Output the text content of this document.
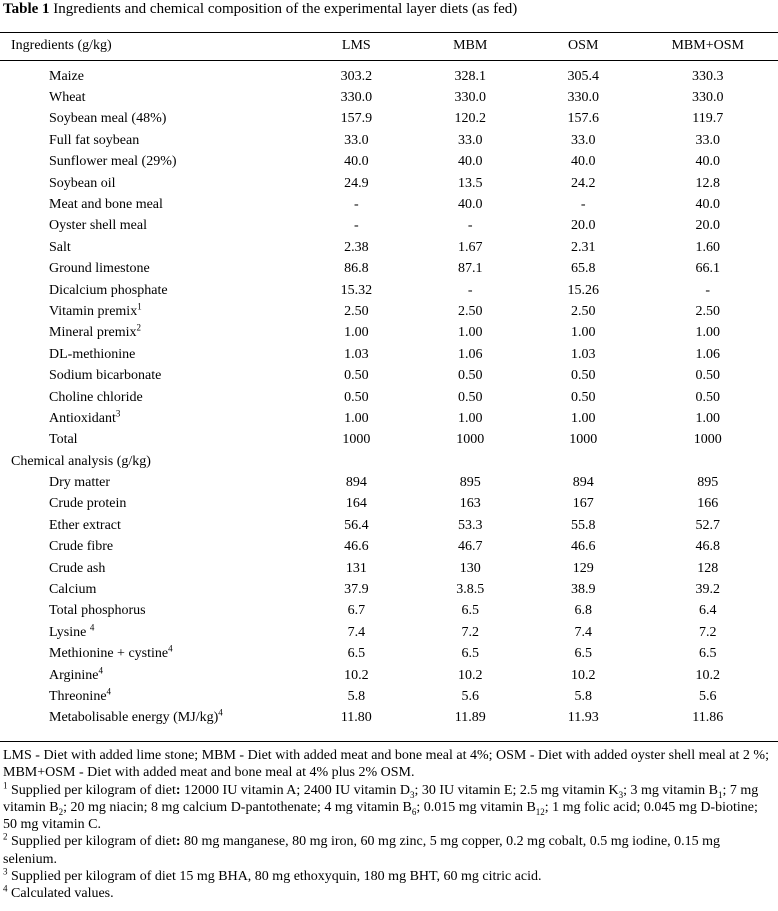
Table 1 Ingredients and chemical composition of the experimental layer diets (as fed)
Ingredients (g/kg)	LMS	MBM	OSM	MBM+OSM

Maize	303.2	328.1	305.4	330.3
Wheat	330.0	330.0	330.0	330.0
Soybean meal (48%)	157.9	120.2	157.6	119.7
Full fat soybean	33.0	33.0	33.0	33.0
Sunflower meal (29%)	40.0	40.0	40.0	40.0
Soybean oil	24.9	13.5	24.2	12.8
Meat and bone meal	-	40.0	-	40.0
Oyster shell meal	-	-	20.0	20.0
Salt	2.38	1.67	2.31	1.60
Ground limestone	86.8	87.1	65.8	66.1
Dicalcium phosphate	15.32	-	15.26	-
Vitamin premix$^1$	2.50	2.50	2.50	2.50
Mineral premix$^2$	1.00	1.00	1.00	1.00
DL-methionine	1.03	1.06	1.03	1.06
Sodium bicarbonate	0.50	0.50	0.50	0.50
Choline chloride	0.50	0.50	0.50	0.50
Antioxidant$^3$	1.00	1.00	1.00	1.00
Total	1000	1000	1000	1000
Chemical analysis (g/kg)				
Dry matter	894	895	894	895
Crude protein	164	163	167	166
Ether extract	56.4	53.3	55.8	52.7
Crude fibre	46.6	46.7	46.6	46.8
Crude ash	131	130	129	128
Calcium	37.9	3.8.5	38.9	39.2
Total phosphorus	6.7	6.5	6.8	6.4
Lysine $^4$	7.4	7.2	7.4	7.2
Methionine + cystine$^4$	6.5	6.5	6.5	6.5
Arginine$^4$	10.2	10.2	10.2	10.2
Threonine$^4$	5.8	5.6	5.8	5.6
Metabolisable energy $(MJ/kg)^4$	11.80	11.89	11.93	11.86

LMS - Diet with added lime stone; MBM - Diet with added meat and bone meal at 4%; OSM - Diet with added oyster shell meal at 2 %; MBM+OSM - Diet with added meat and bone meal at 4% plus 2% OSM.

$^1$ Supplied per kilogram of diet: 12000 IU vitamin A; 2400 IU vitamin $D_3$; 30 IU vitamin E; 2.5 mg vitamin $K_3$; 3 mg vitamin $B_1$; 7 mg vitamin $B_2$; 20 mg niacin; 8 mg calcium D-pantothenate; 4 mg vitamin $B_6$; 0.015 mg vitamin $B_{12}$; 1 mg folic acid; 0.045 mg D-biotine; 50 mg vitamin C.

$^2$ Supplied per kilogram of diet: 80 mg manganese, 80 mg iron, 60 mg zinc, 5 mg copper, 0.2 mg cobalt, 0.5 mg iodine, 0.15 mg selenium.

$^3$ Supplied per kilogram of diet 15 mg BHA, 80 mg ethoxyquin, 180 mg BHT, 60 mg citric acid.

$^4$ Calculated values.
